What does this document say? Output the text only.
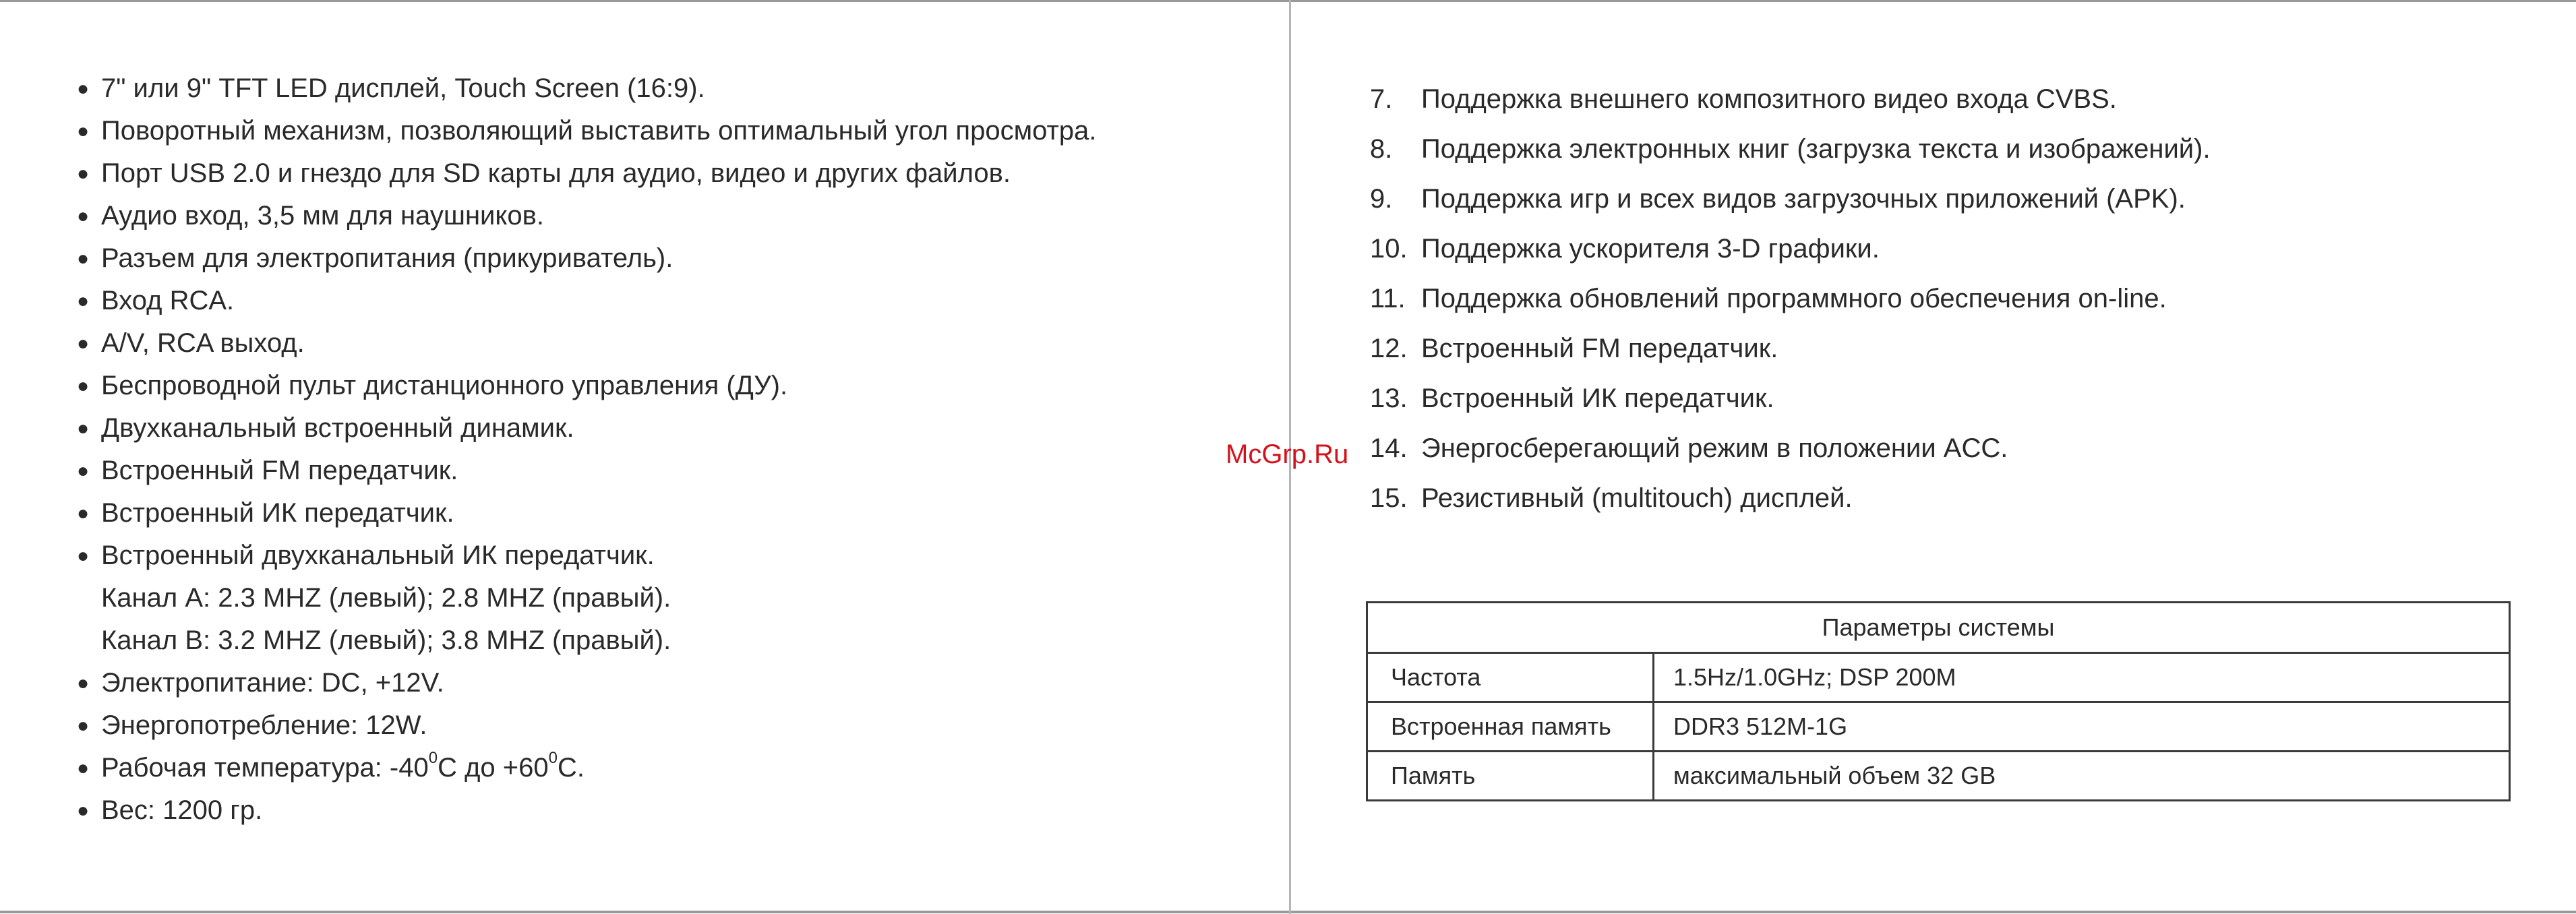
● 7" или 9" TFT LED дисплей, Touch Screen (16:9).
● Поворотный механизм, позволяющий выставить оптимальный угол просмотра.
● Порт USB 2.0 и гнездо для SD карты для аудио, видео и других файлов.
● Аудио вход, 3,5 мм для наушников.
● Разъем для электропитания (прикуриватель).
● Вход RCA.
● A/V, RCA выход.
● Беспроводной пульт дистанционного управления (ДУ).
● Двухканальный встроенный динамик.
● Встроенный FM передатчик.
● Встроенный ИК передатчик.
● Встроенный двухканальный ИК передатчик.
Канал A: 2.3 MHZ (левый); 2.8 MHZ (правый).
Канал B: 3.2 MHZ (левый); 3.8 MHZ (правый).
● Электропитание: DC, +12V.
● Энергопотребление: 12W.
● Рабочая температура: $-40^0C$ до $+60^0C$.
● Вес: 1200 гр.
McGrp.Ru
7. Поддержка внешнего композитного видео входа CVBS.
8. Поддержка электронных книг (загрузка текста и изображений).
9. Поддержка игр и всех видов загрузочных приложений (APK).
10. Поддержка ускорителя 3-D графики.
11. Поддержка обновлений программного обеспечения on-line.
12. Встроенный FM передатчик.
13. Встроенный ИК передатчик.
14. Энергосберегающий режим в положении ACC.
15. Резистивный (multitouch) дисплей.
Параметры системы	
Частота	1.5Hz/1.0GHz; DSP 200M
Встроенная память	DDR3 512M-1G
Память	максимальный объем 32 GB
